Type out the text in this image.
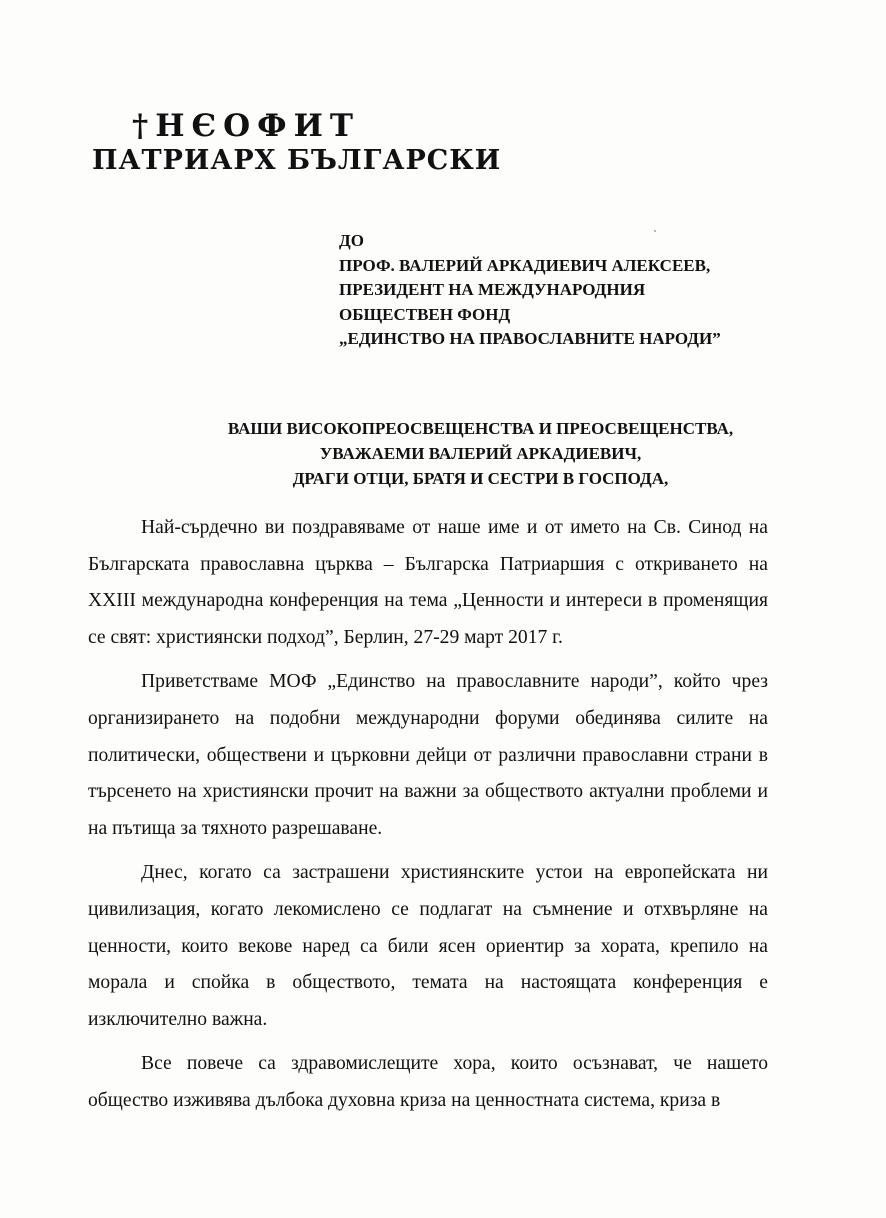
†НЄОФИТ
ПАТРИАРХ БЪЛГАРСКИ
ДО
ПРОФ. ВАЛЕРИЙ АРКАДИЕВИЧ АЛЕКСЕЕВ,
ПРЕЗИДЕНТ НА МЕЖДУНАРОДНИЯ
ОБЩЕСТВЕН ФОНД
„ЕДИНСТВО НА ПРАВОСЛАВНИТЕ НАРОДИ”
ВАШИ ВИСОКОПРЕОСВЕЩЕНСТВА И ПРЕОСВЕЩЕНСТВА,
УВАЖАЕМИ ВАЛЕРИЙ АРКАДИЕВИЧ,
ДРАГИ ОТЦИ, БРАТЯ И СЕСТРИ В ГОСПОДА,

Най-сърдечно ви поздравяваме от наше име и от името на Св. Синод на Българската православна църква – Българска Патриаршия с откриването на XXIII международна конференция на тема „Ценности и интереси в променящия се свят: християнски подход”, Берлин, 27-29 март 2017 г.

Приветстваме МОФ „Единство на православните народи”, който чрез организирането на подобни международни форуми обединява силите на политически, обществени и църковни дейци от различни православни страни в търсенето на християнски прочит на важни за обществото актуални проблеми и на пътища за тяхното разрешаване.

Днес, когато са застрашени християнските устои на европейската ни цивилизация, когато лекомислено се подлагат на съмнение и отхвърляне на ценности, които векове наред са били ясен ориентир за хората, крепило на морала и спойка в обществото, темата на настоящата конференция е изключително важна.

Все повече са здравомислещите хора, които осъзнават, че нашето общество изживява дълбока духовна криза на ценностната система, криза в
